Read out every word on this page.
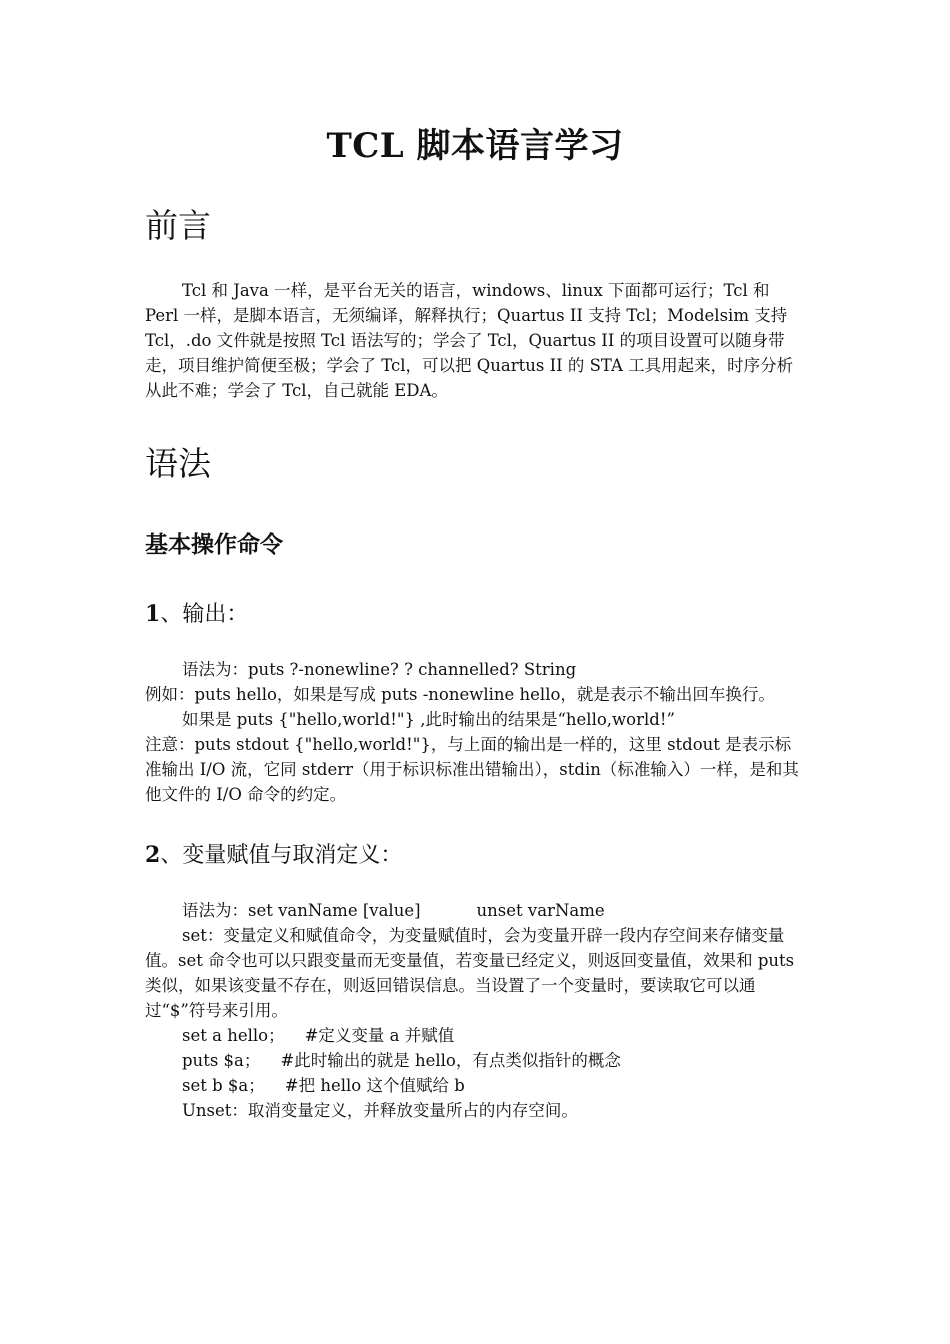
TCL 脚本语言学习
前言

Tcl 和 Java 一样，是平台无关的语言，windows、linux 下面都可运行；Tcl 和 Perl 一样，是脚本语言，无须编译，解释执行；Quartus II 支持 Tcl；Modelsim 支持 Tcl，.do 文件就是按照 Tcl 语法写的；学会了 Tcl，Quartus II 的项目设置可以随身带走，项目维护简便至极；学会了 Tcl，可以把 Quartus II 的 STA 工具用起来，时序分析从此不难；学会了 Tcl，自己就能 EDA。

语法
基本操作命令
1、输出：

语法为：puts ?-nonewline? ? channelled? String

例如：puts hello，如果是写成 puts -nonewline hello，就是表示不输出回车换行。

如果是 puts {"hello,world!"} ,此时输出的结果是“hello,world!”

注意：puts stdout {"hello,world!"}，与上面的输出是一样的，这里 stdout 是表示标准输出 I/O 流，它同 stderr（用于标识标准出错输出），stdin（标准输入）一样，是和其他文件的 I/O 命令的约定。

2、变量赋值与取消定义：

语法为：set vanName [value]	unset varName

set：变量定义和赋值命令，为变量赋值时，会为变量开辟一段内存空间来存储变量值。set 命令也可以只跟变量而无变量值，若变量已经定义，则返回变量值，效果和 puts 类似，如果该变量不存在，则返回错误信息。当设置了一个变量时，要读取它可以通过“$”符号来引用。

set a hello； #定义变量 a 并赋值

puts $a； #此时输出的就是 hello，有点类似指针的概念

set b $a； #把 hello 这个值赋给 b

Unset：取消变量定义，并释放变量所占的内存空间。
